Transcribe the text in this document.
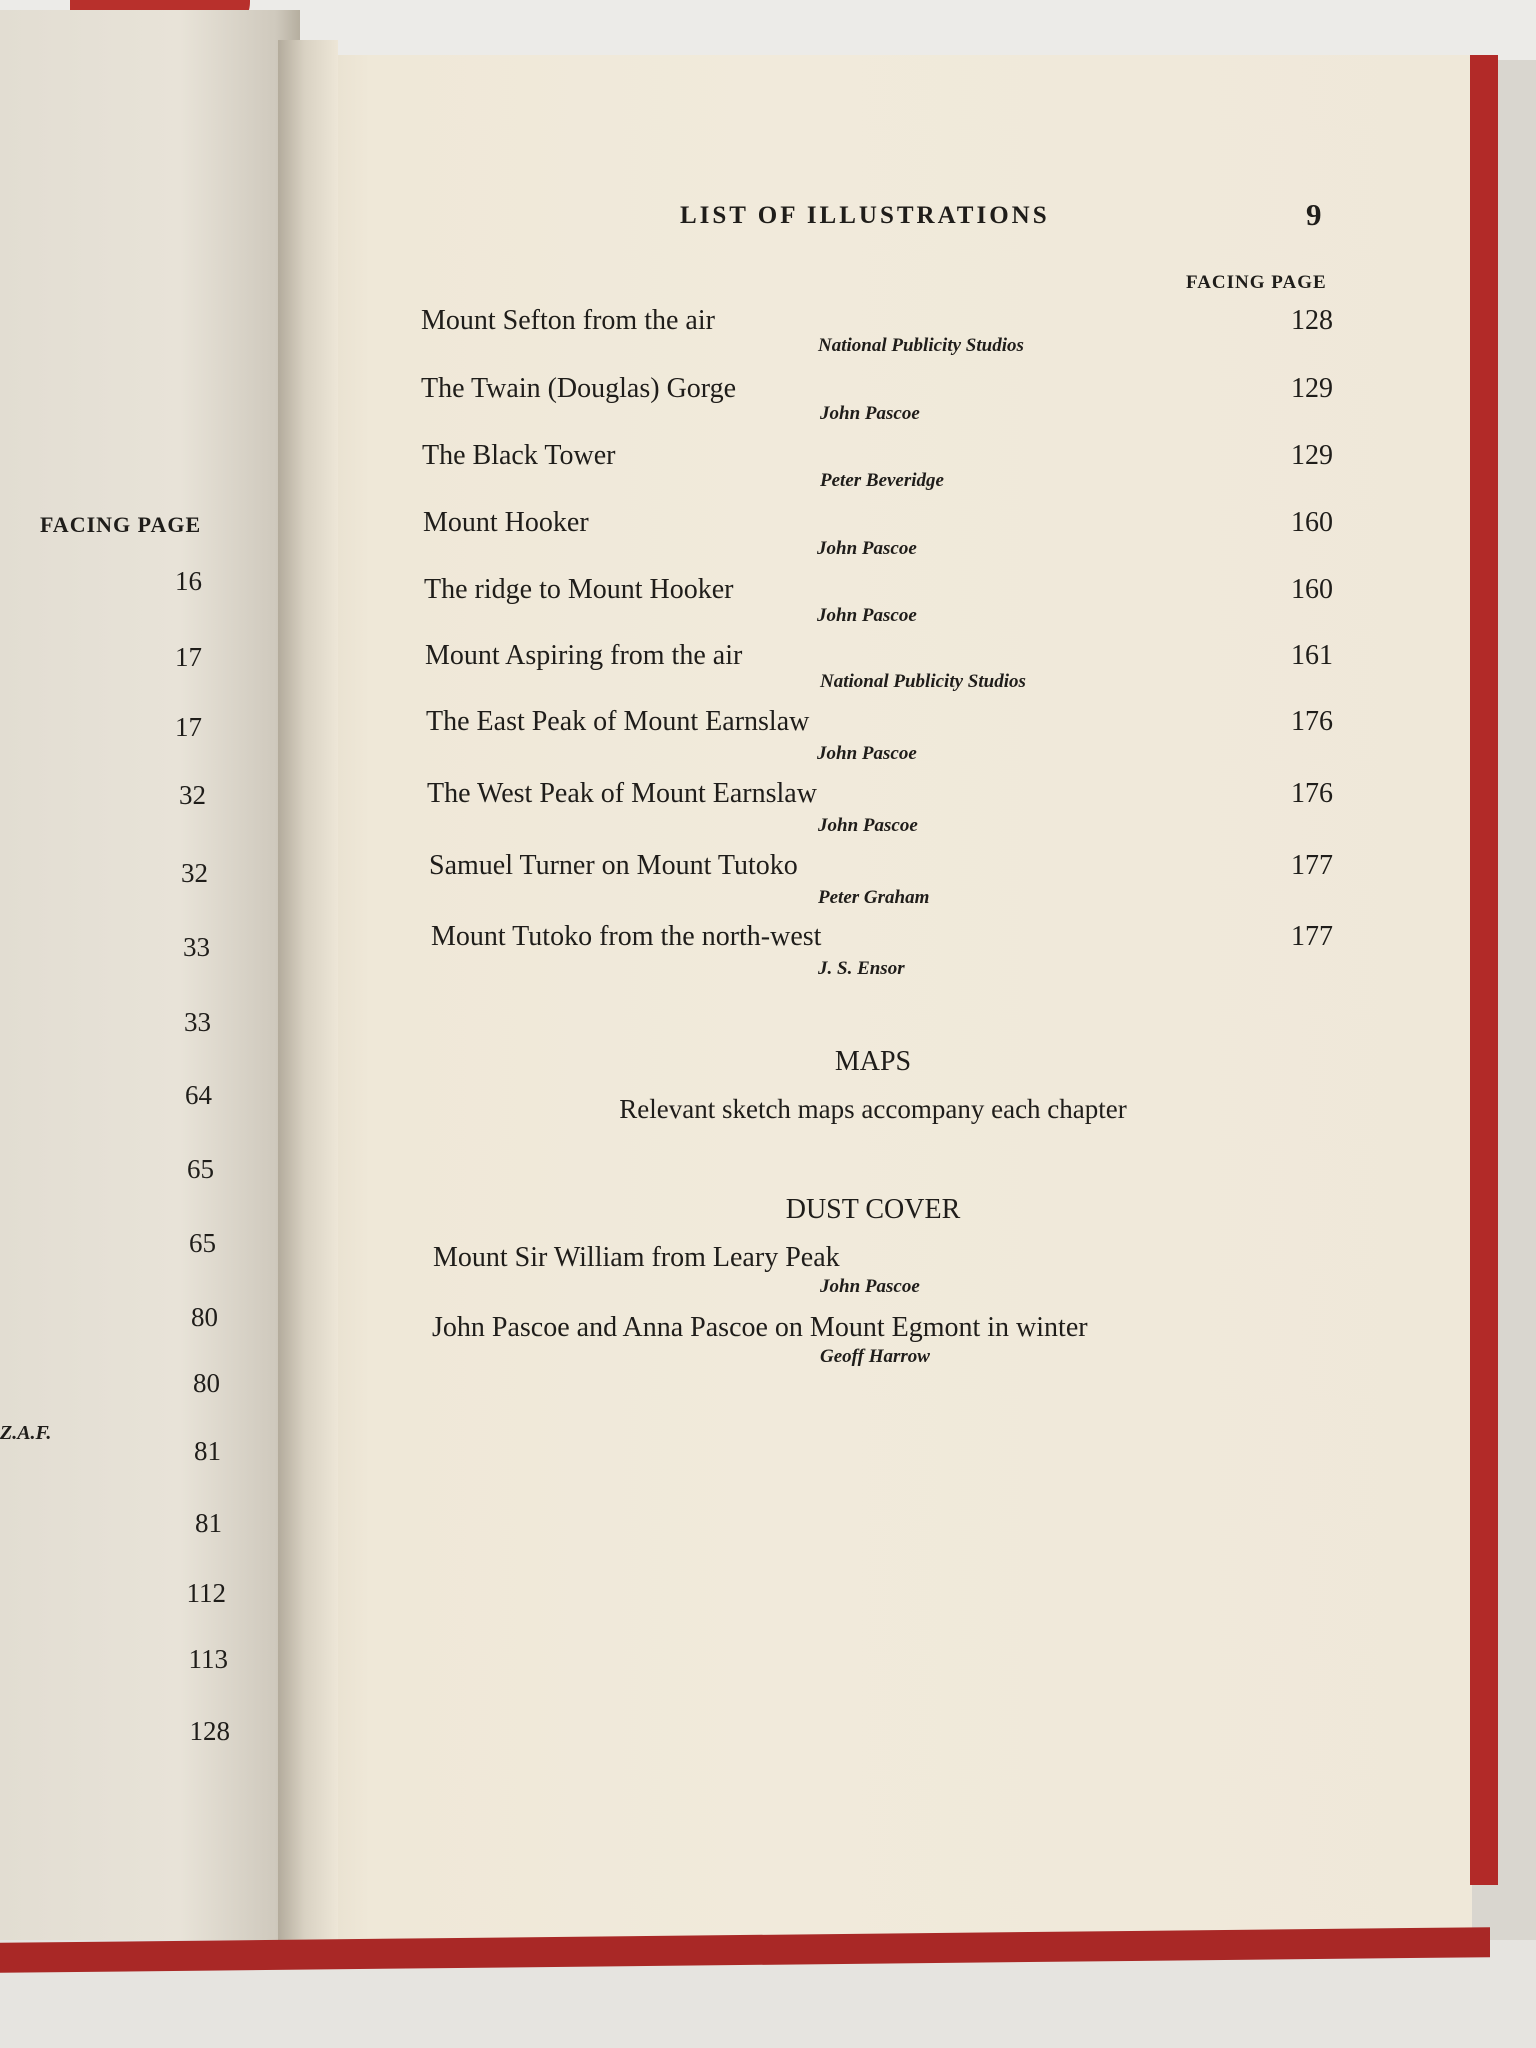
FACING PAGE
16
17
17
32
32
33
33
64
65
65
80
80
81
81
112
113
128
Z.A.F.
LIST OF ILLUSTRATIONS	9
FACING PAGE
Mount Sefton from the air
National Publicity Studios
128
The Twain (Douglas) Gorge
John Pascoe
129
The Black Tower
Peter Beveridge
129
Mount Hooker
John Pascoe
160
The ridge to Mount Hooker
John Pascoe
160
Mount Aspiring from the air
National Publicity Studios
161
The East Peak of Mount Earnslaw
John Pascoe
176
The West Peak of Mount Earnslaw
John Pascoe
176
Samuel Turner on Mount Tutoko
Peter Graham
177
Mount Tutoko from the north-west
J. S. Ensor
177
MAPS
Relevant sketch maps accompany each chapter
DUST COVER
Mount Sir William from Leary Peak
John Pascoe
John Pascoe and Anna Pascoe on Mount Egmont in winter
Geoff Harrow
